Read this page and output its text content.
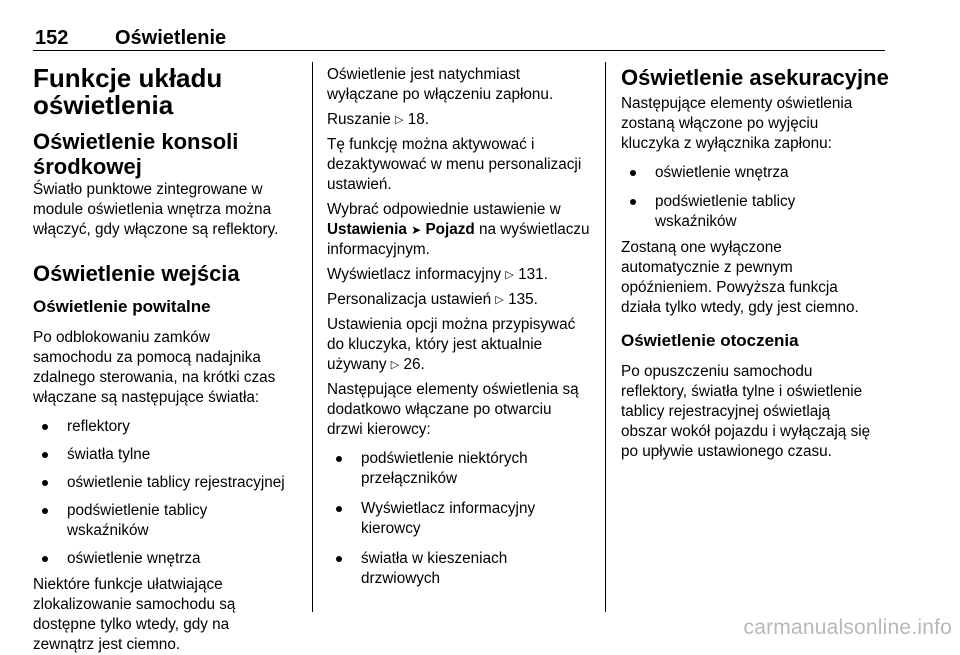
152 Oświetlenie
Funkcje układu
oświetlenia
Oświetlenie konsoli
środkowej

Światło punktowe zintegrowane w

module oświetlenia wnętrza można

włączyć, gdy włączone są reflektory.

Oświetlenie wejścia
Oświetlenie powitalne

Po odblokowaniu zamków

samochodu za pomocą nadajnika

zdalnego sterowania, na krótki czas

włączane są następujące światła:

reflektory
światła tylne
oświetlenie tablicy rejestracyjnej
podświetlenie tablicy
wskaźników
oświetlenie wnętrza

Niektóre funkcje ułatwiające

zlokalizowanie samochodu są

dostępne tylko wtedy, gdy na

zewnątrz jest ciemno.

Oświetlenie jest natychmiast

wyłączane po włączeniu zapłonu.

Ruszanie ▷ 18.

Tę funkcję można aktywować i

dezaktywować w menu personalizacji

ustawień.

Wybrać odpowiednie ustawienie w

Ustawienia ➤ Pojazd na wyświetlaczu

informacyjnym.

Wyświetlacz informacyjny ▷ 131.

Personalizacja ustawień ▷ 135.

Ustawienia opcji można przypisywać

do kluczyka, który jest aktualnie

używany ▷ 26.

Następujące elementy oświetlenia są

dodatkowo włączane po otwarciu

drzwi kierowcy:

podświetlenie niektórych
przełączników
Wyświetlacz informacyjny
kierowcy
światła w kieszeniach
drzwiowych
Oświetlenie asekuracyjne

Następujące elementy oświetlenia

zostaną włączone po wyjęciu

kluczyka z wyłącznika zapłonu:

oświetlenie wnętrza
podświetlenie tablicy
wskaźników

Zostaną one wyłączone

automatycznie z pewnym

opóźnieniem. Powyższa funkcja

działa tylko wtedy, gdy jest ciemno.

Oświetlenie otoczenia

Po opuszczeniu samochodu

reflektory, światła tylne i oświetlenie

tablicy rejestracyjnej oświetlają

obszar wokół pojazdu i wyłączają się

po upływie ustawionego czasu.

carmanualsonline.info
